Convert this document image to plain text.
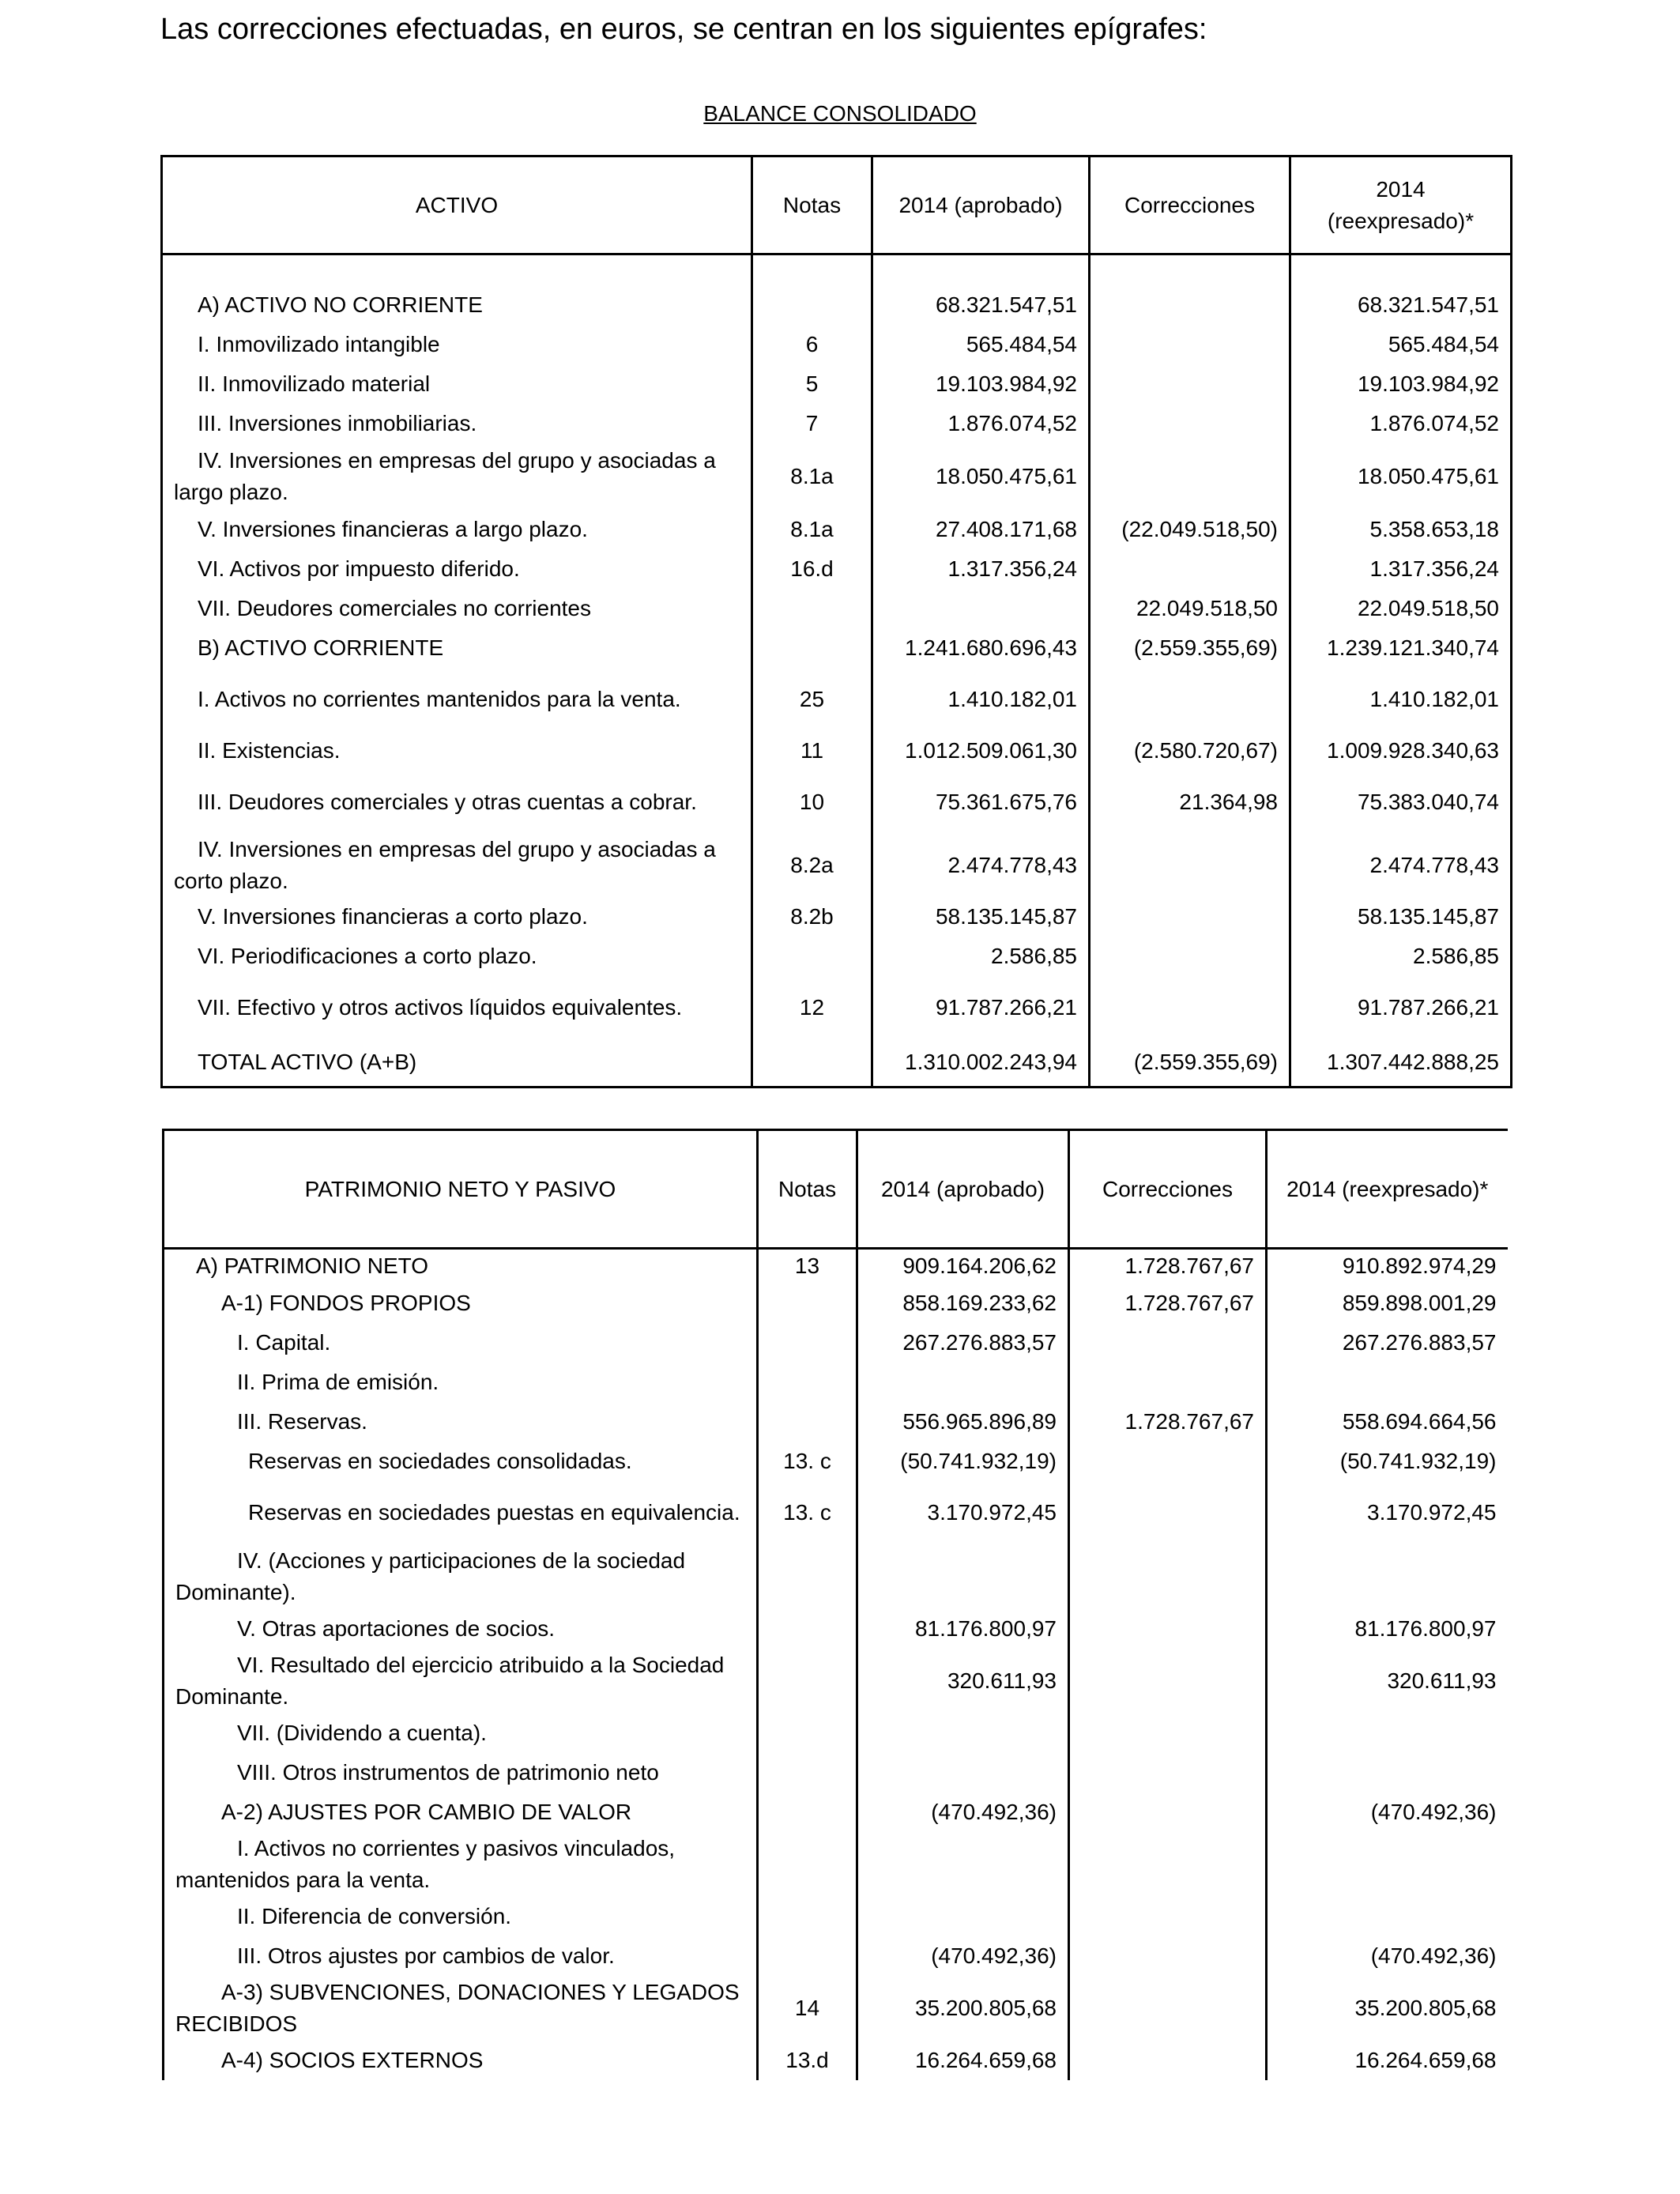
Las correcciones efectuadas, en euros, se centran en los siguientes epígrafes:
BALANCE CONSOLIDADO
ACTIVO	Notas	2014 (aprobado)	Correcciones	2014 (reexpresado)*

A) ACTIVO NO CORRIENTE		68.321.547,51		68.321.547,51
I. Inmovilizado intangible	6	565.484,54		565.484,54
II. Inmovilizado material	5	19.103.984,92		19.103.984,92
III. Inversiones inmobiliarias.	7	1.876.074,52		1.876.074,52
IV. Inversiones en empresas del grupo y asociadas a largo plazo.	8.1a	18.050.475,61		18.050.475,61
V. Inversiones financieras a largo plazo.	8.1a	27.408.171,68	(22.049.518,50)	5.358.653,18
VI. Activos por impuesto diferido.	16.d	1.317.356,24		1.317.356,24
VII. Deudores comerciales no corrientes			22.049.518,50	22.049.518,50
B) ACTIVO CORRIENTE		1.241.680.696,43	(2.559.355,69)	1.239.121.340,74
I. Activos no corrientes mantenidos para la venta.	25	1.410.182,01		1.410.182,01
II. Existencias.	11	1.012.509.061,30	(2.580.720,67)	1.009.928.340,63
III. Deudores comerciales y otras cuentas a cobrar.	10	75.361.675,76	21.364,98	75.383.040,74
IV. Inversiones en empresas del grupo y asociadas a corto plazo.	8.2a	2.474.778,43		2.474.778,43
V. Inversiones financieras a corto plazo.	8.2b	58.135.145,87		58.135.145,87
VI. Periodificaciones a corto plazo.		2.586,85		2.586,85
VII. Efectivo y otros activos líquidos equivalentes.	12	91.787.266,21		91.787.266,21
TOTAL ACTIVO (A+B)		1.310.002.243,94	(2.559.355,69)	1.307.442.888,25
PATRIMONIO NETO Y PASIVO	Notas	2014 (aprobado)	Correcciones	2014 (reexpresado)*
A) PATRIMONIO NETO	13	909.164.206,62	1.728.767,67	910.892.974,29
A-1) FONDOS PROPIOS		858.169.233,62	1.728.767,67	859.898.001,29
I. Capital.		267.276.883,57		267.276.883,57
II. Prima de emisión.				
III. Reservas.		556.965.896,89	1.728.767,67	558.694.664,56
Reservas en sociedades consolidadas.	13. c	(50.741.932,19)		(50.741.932,19)
Reservas en sociedades puestas en equivalencia.	13. c	3.170.972,45		3.170.972,45
IV. (Acciones y participaciones de la sociedad Dominante).				
V. Otras aportaciones de socios.		81.176.800,97		81.176.800,97
VI. Resultado del ejercicio atribuido a la Sociedad Dominante.		320.611,93		320.611,93
VII. (Dividendo a cuenta).				
VIII. Otros instrumentos de patrimonio neto				
A-2) AJUSTES POR CAMBIO DE VALOR		(470.492,36)		(470.492,36)
I. Activos no corrientes y pasivos vinculados, mantenidos para la venta.				
II. Diferencia de conversión.				
III. Otros ajustes por cambios de valor.		(470.492,36)		(470.492,36)
A-3) SUBVENCIONES, DONACIONES Y LEGADOS RECIBIDOS	14	35.200.805,68		35.200.805,68
A-4) SOCIOS EXTERNOS	13.d	16.264.659,68		16.264.659,68
